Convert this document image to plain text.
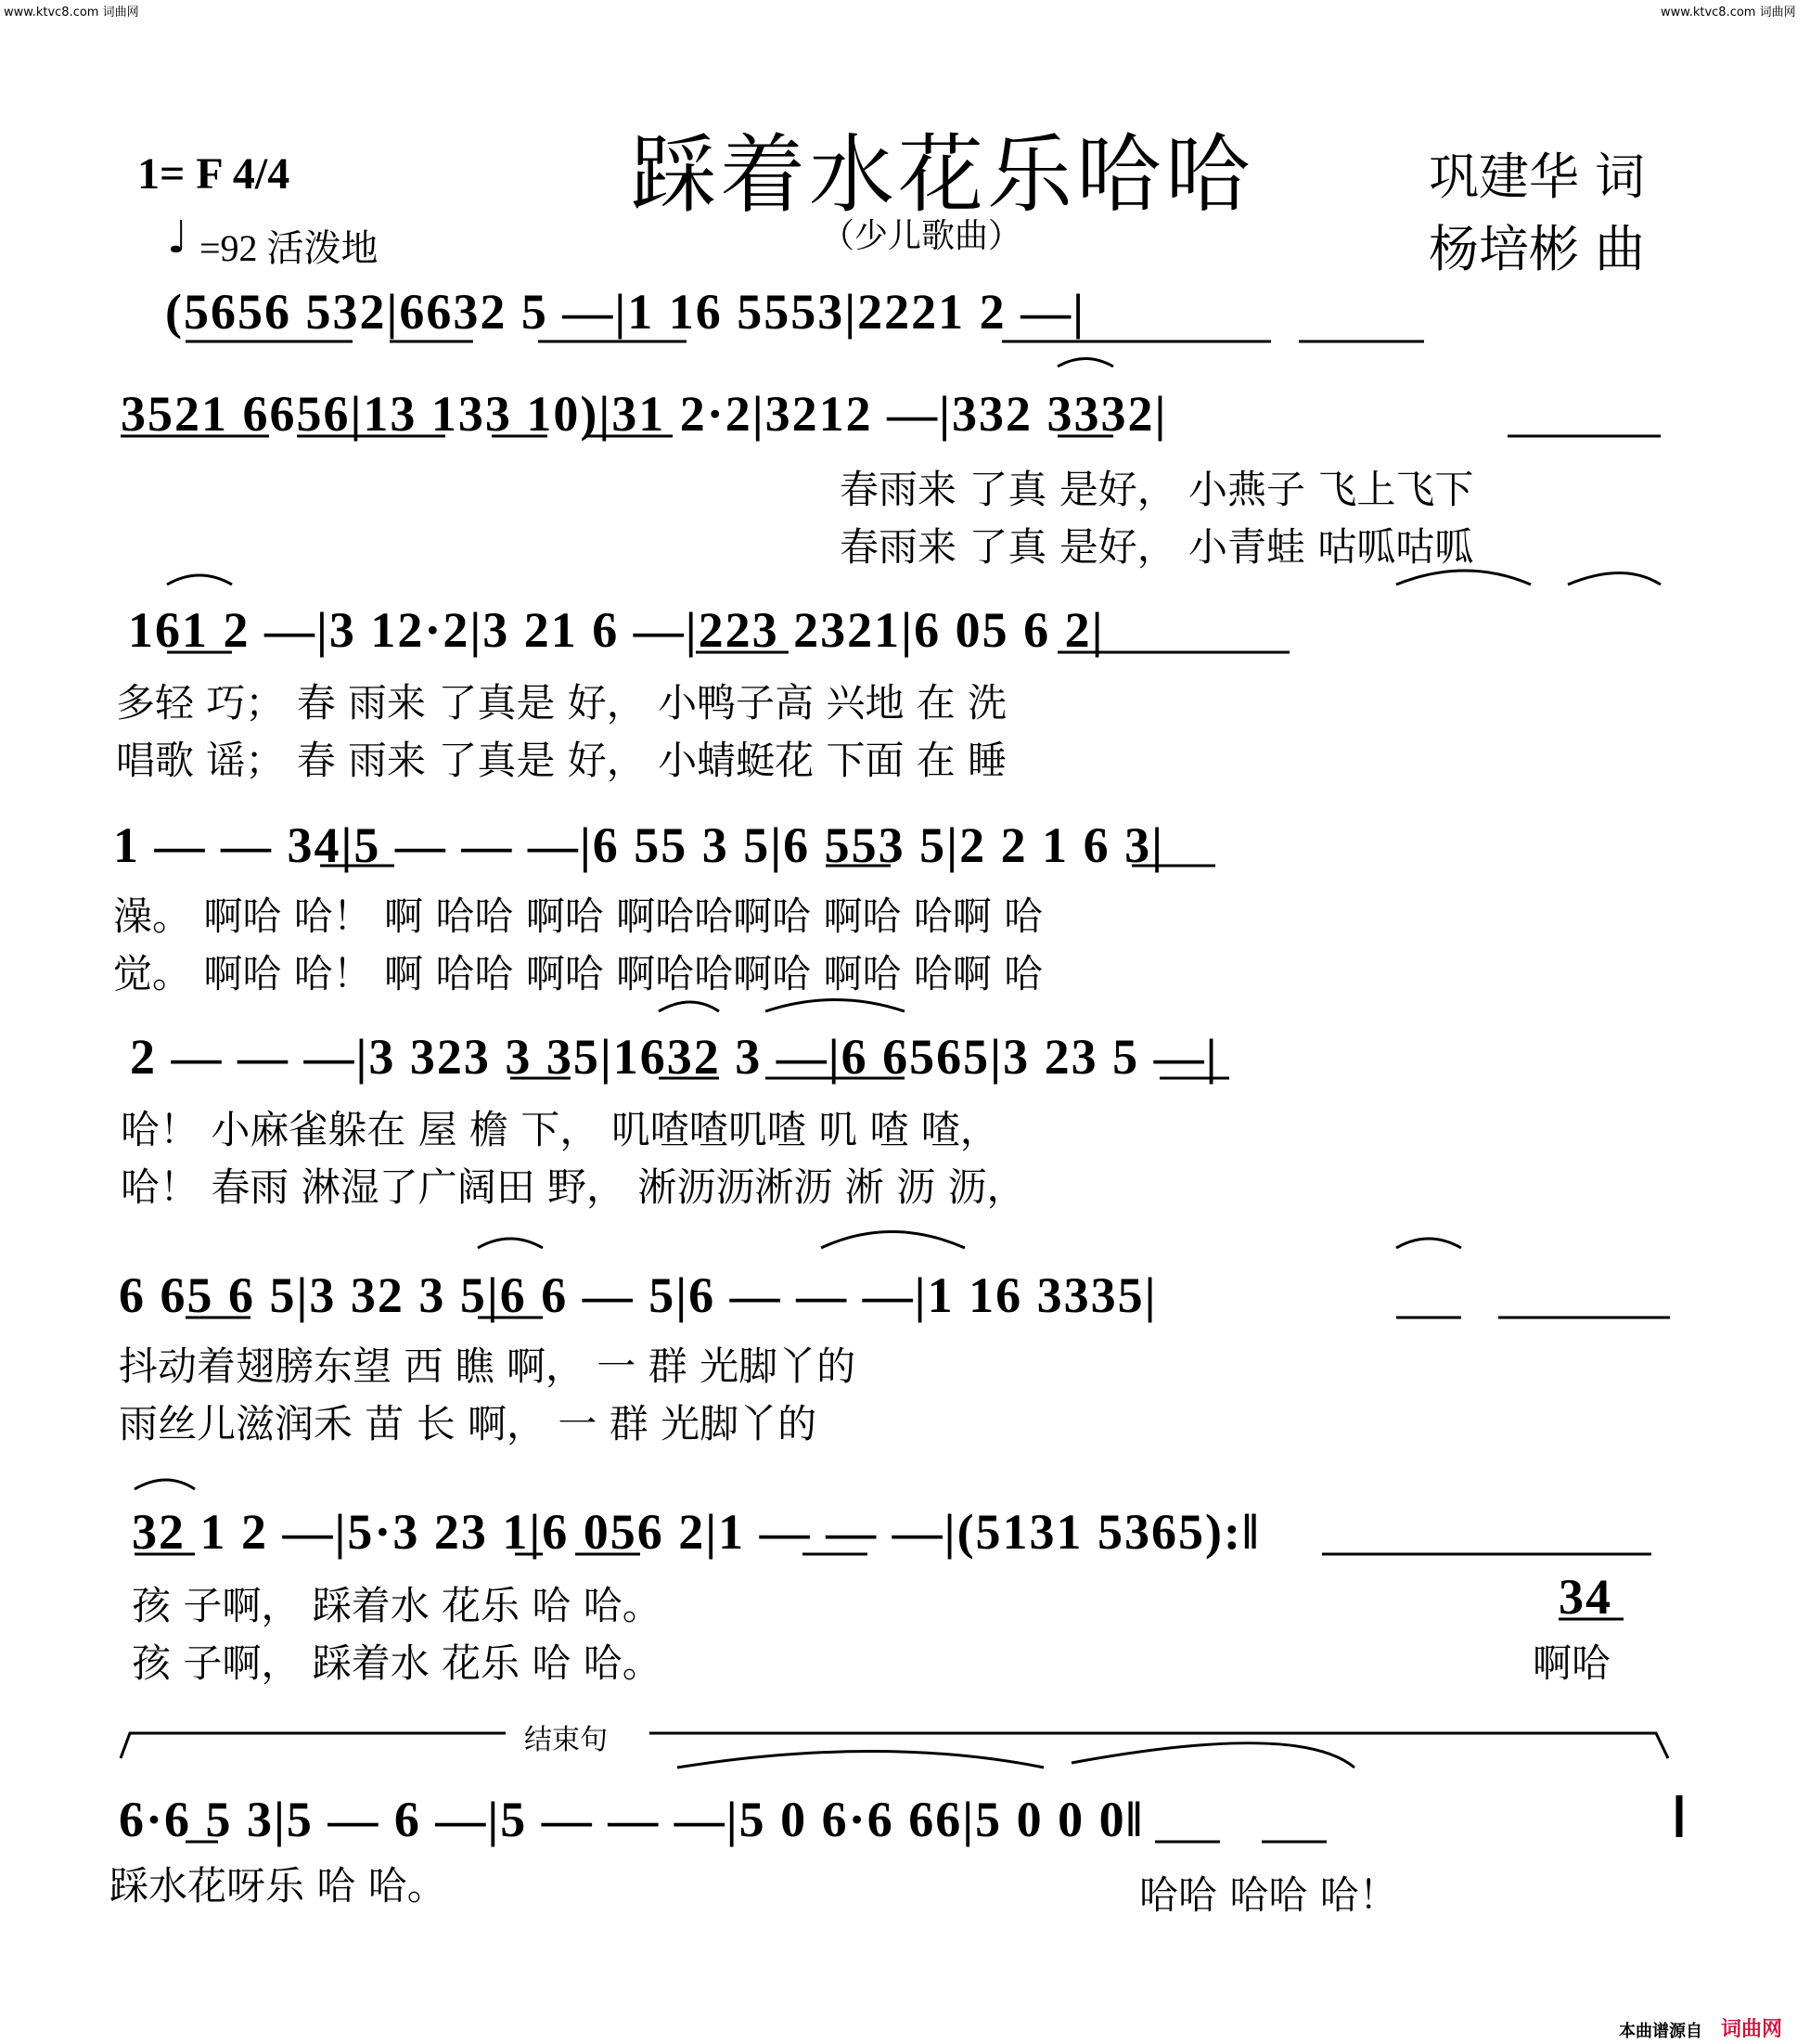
www.ktvc8.com 词曲网	www.ktvc8.com 词曲网
踩着水花乐哈哈
1= F 4/4
♩ =92 活泼地	（少儿歌曲）
巩建华 词
杨培彬 曲
(5656 532|6632 5 —|1 16 5553|2221 2 —|
3521 6656|13 133 10)|31 2·2|3212 —|332 3332|
春雨来 了真 是好， 小燕子 飞上飞下
春雨来 了真 是好， 小青蛙 咕呱咕呱
161 2 —|3 12·2|3 21 6 —|223 2321|6 05 6 2|
多轻 巧； 春 雨来 了真是 好， 小鸭子高 兴地 在 洗
唱歌 谣； 春 雨来 了真是 好， 小蜻蜓花 下面 在 睡
1 — — 34|5 — — —|6 55 3 5|6 553 5|2 2 1 6 3|
澡。 啊哈 哈！ 啊 哈哈 啊哈 啊哈哈啊哈 啊哈 哈啊 哈
觉。 啊哈 哈！ 啊 哈哈 啊哈 啊哈哈啊哈 啊哈 哈啊 哈
2 — — —|3 323 3 35|1632 3 —|6 6565|3 23 5 —|
哈！ 小麻雀躲在 屋 檐 下， 叽喳喳叽喳 叽 喳 喳，
哈！ 春雨 淋湿了广阔田 野， 淅沥沥淅沥 淅 沥 沥，
6 65 6 5|3 32 3 5|6 6 — 5|6 — — —|1 16 3335|
抖动着翅膀东望 西 瞧 啊， 一 群 光脚丫的
雨丝儿滋润禾 苗 长 啊， 一 群 光脚丫的
32 1 2 —|5·3 23 1|6 056 2|1 — — —|(5131 5365):‖
孩 子啊， 踩着水 花乐 哈 哈。
孩 子啊， 踩着水 花乐 哈 哈。
34
啊哈
结束句
6·6 5 3|5 — 6 —|5 — — —|5 0 6·6 66|5 0 0 0‖
踩水花呀乐 哈 哈。	哈哈 哈哈 哈！
本曲谱源自 词曲网
